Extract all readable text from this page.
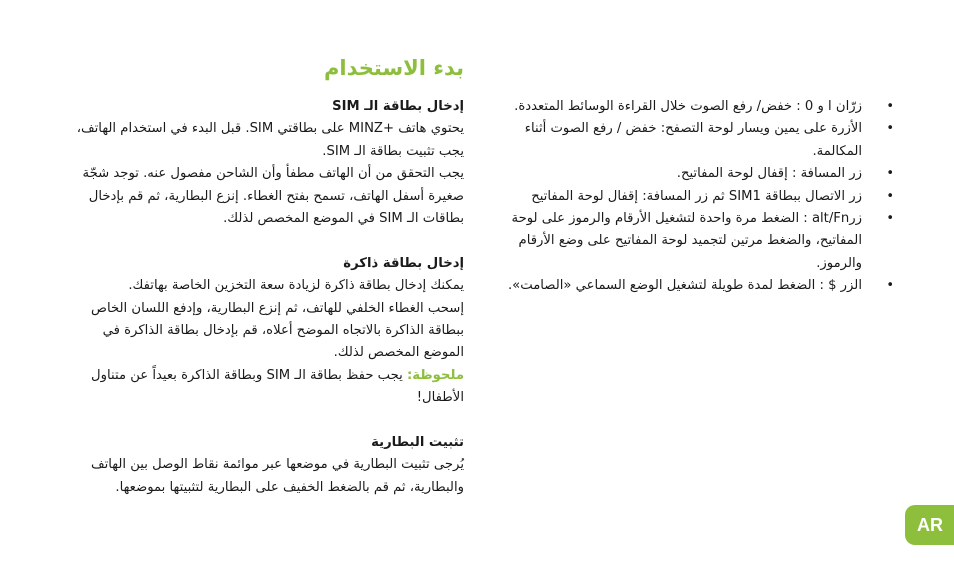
بدء الاستخدام
• زرّان ا و 0 : خفض/ رفع الصوت خلال القراءة الوسائط المتعددة.
• الأزرة على يمين ويسار لوحة التصفح: خفض / رفع الصوت أثناء المكالمة.
• زر المسافة : إقفال لوحة المفاتيح.
• زر الاتصال ببطاقة SIM1 ثم زر المسافة: إقفال لوحة المفاتيح
• زرalt/Fn : الضغط مرة واحدة لتشغيل الأرقام والرموز على لوحة المفاتيح، والضغط مرتين لتجميد لوحة المفاتيح على وضع الأرقام والرموز.
• الزر $ : الضغط لمدة طويلة لتشغيل الوضع السماعي «الصامت».

إدخال بطاقة الـ SIM

يحتوي هاتف +MINZ على بطاقتي SIM. قبل البدء في استخدام الهاتف، يجب تثبيت بطاقة الـ SIM.

يجب التحقق من أن الهاتف مطفأ وأن الشاحن مفصول عنه. توجد شجّة صغيرة أسفل الهاتف، تسمح بفتح الغطاء. إنزع البطارية، ثم قم بإدخال بطاقات الـ SIM في الموضع المخصص لذلك.

إدخال بطاقة ذاكرة

يمكنك إدخال بطاقة ذاكرة لزيادة سعة التخزين الخاصة بهاتفك.

إسحب الغطاء الخلفي للهاتف، ثم إنزع البطارية، وإدفع اللسان الخاص ببطاقة الذاكرة بالاتجاه الموضح أعلاه، قم بإدخال بطاقة الذاكرة في الموضع المخصص لذلك.

ملحوظة: يجب حفظ بطاقة الـ SIM وبطاقة الذاكرة بعيداً عن متناول الأطفال!

تثبيت البطارية

يُرجى تثبيت البطارية في موضعها عبر موائمة نقاط الوصل بين الهاتف والبطارية، ثم قم بالضغط الخفيف على البطارية لتثبيتها بموضعها.

AR
